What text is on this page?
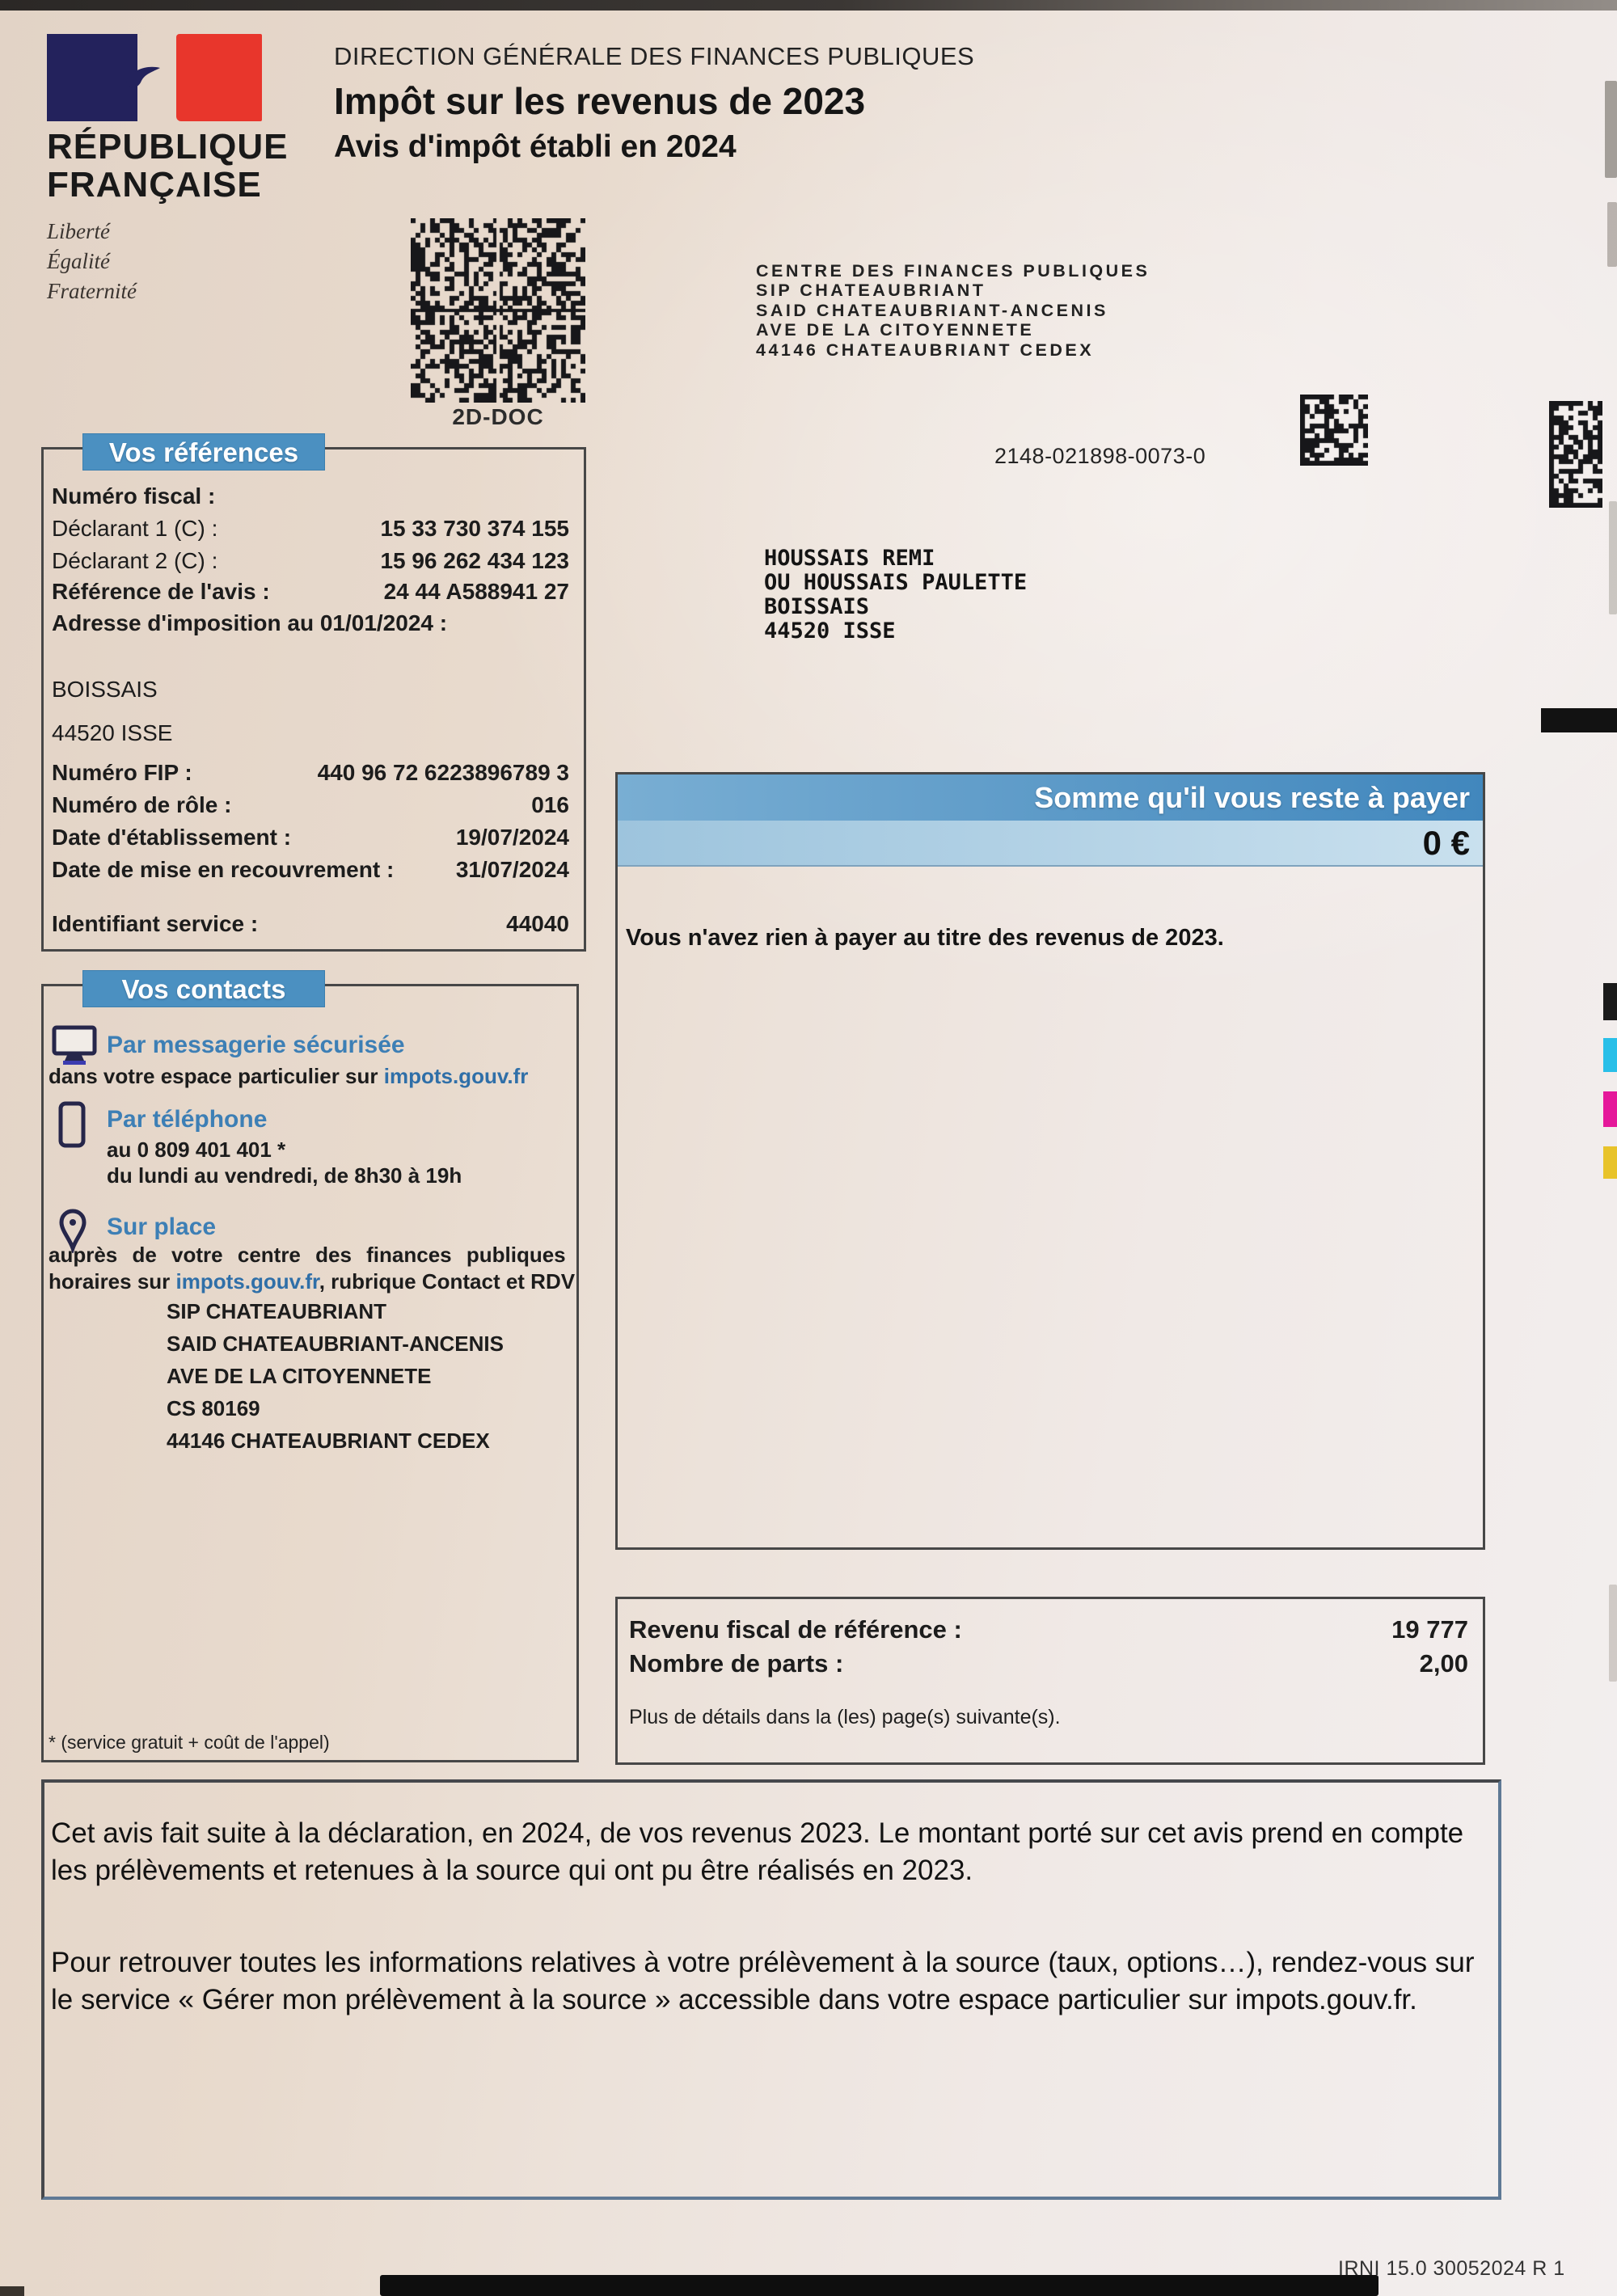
RÉPUBLIQUE
FRANÇAISE
Liberté
Égalité
Fraternité
DIRECTION GÉNÉRALE DES FINANCES PUBLIQUES
Impôt sur les revenus de 2023
Avis d'impôt établi en 2024
2D-DOC
CENTRE DES FINANCES PUBLIQUES
SIP CHATEAUBRIANT
SAID CHATEAUBRIANT-ANCENIS
AVE DE LA CITOYENNETE
44146 CHATEAUBRIANT CEDEX
2148-021898-0073-0
HOUSSAIS REMI
OU HOUSSAIS PAULETTE
BOISSAIS
44520 ISSE
Vos références
Numéro fiscal :
Déclarant 1 (C) :	15 33 730 374 155
Déclarant 2 (C) :	15 96 262 434 123
Référence de l'avis :	24 44 A588941 27
Adresse d'imposition au 01/01/2024 :
BOISSAIS
44520 ISSE
Numéro FIP :	440 96 72 6223896789 3
Numéro de rôle :	016
Date d'établissement :	19/07/2024
Date de mise en recouvrement :	31/07/2024
Identifiant service :	44040
Somme qu'il vous reste à payer
0 €
Vous n'avez rien à payer au titre des revenus de 2023.
Vos contacts
Par messagerie sécurisée
dans votre espace particulier sur impots.gouv.fr
Par téléphone
au 0 809 401 401 *
du lundi au vendredi, de 8h30 à 19h
Sur place
auprès de votre centre des finances publiques
horaires sur impots.gouv.fr, rubrique Contact et RDV
SIP CHATEAUBRIANT
SAID CHATEAUBRIANT-ANCENIS
AVE DE LA CITOYENNETE
CS 80169
44146 CHATEAUBRIANT CEDEX
* (service gratuit + coût de l'appel)
Revenu fiscal de référence :	19 777
Nombre de parts :	2,00
Plus de détails dans la (les) page(s) suivante(s).

Cet avis fait suite à la déclaration, en 2024, de vos revenus 2023. Le montant porté sur cet avis prend en compte les prélèvements et retenues à la source qui ont pu être réalisés en 2023.

Pour retrouver toutes les informations relatives à votre prélèvement à la source (taux, options…), rendez-vous sur le service « Gérer mon prélèvement à la source » accessible dans votre espace particulier sur impots.gouv.fr.

IRNI 15.0 30052024 R 1
